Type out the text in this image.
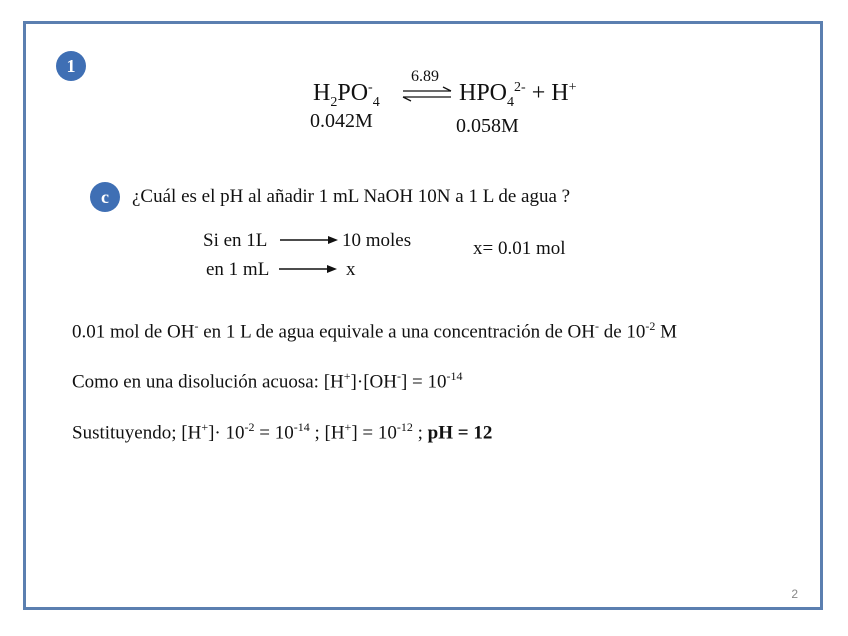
1
$H_2PO^-_4$
6.89
⇌ $HPO_4^{2-} + H^+$
0.042M	0.058M
c ¿Cuál es el pH al añadir 1 mL NaOH 10N a 1 L de agua ?
Si en 1L	10 moles
en 1 mL	x
x= 0.01 mol
0.01 mol de OH- en 1 L de agua equivale a una concentración de OH- de $10^{-2}$ M
Como en una disolución acuosa: $[H^+]\cdot[OH^-] = 10^{-14}$
Sustituyendo; $[H^+]\cdot 10^{-2} = 10^{-14}$ ; $[H^+] = 10^{-12}$ ; pH = 12
2
